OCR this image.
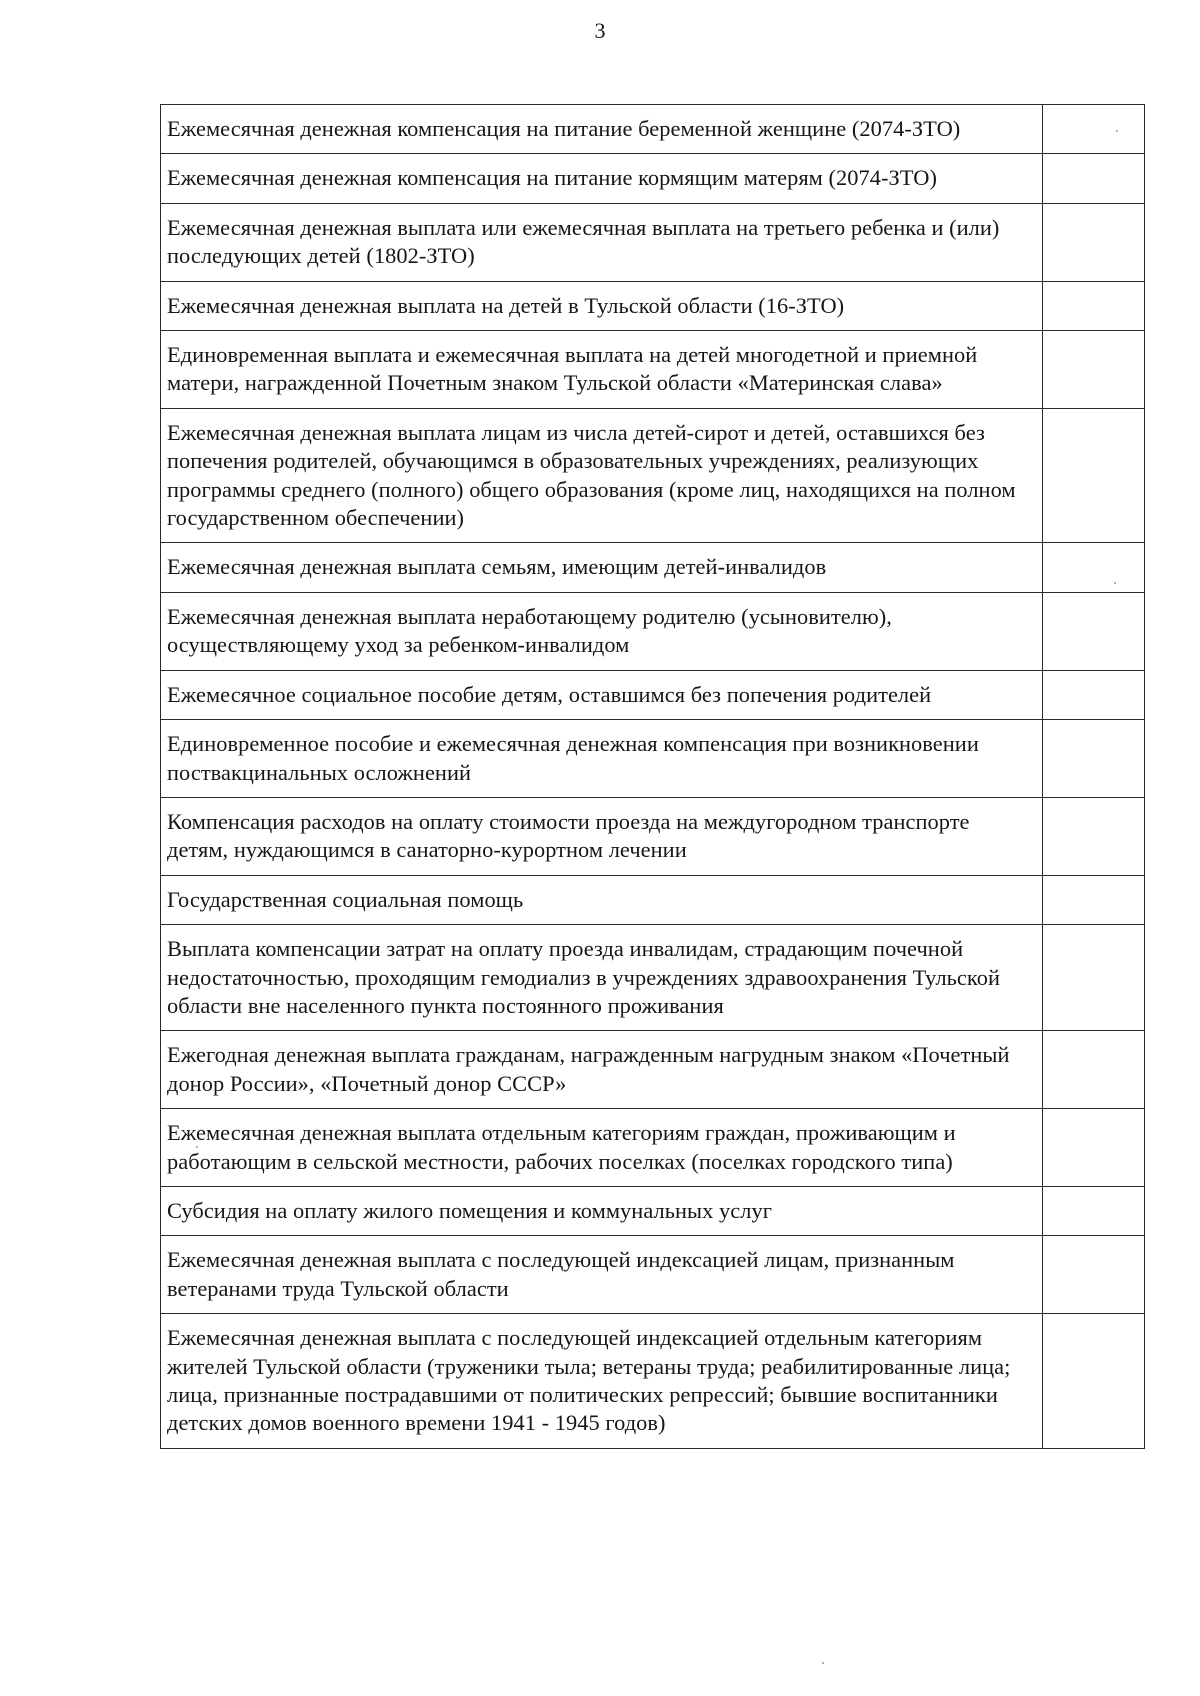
3
Ежемесячная денежная компенсация на питание беременной женщине (2074-ЗТО)	
Ежемесячная денежная компенсация на питание кормящим матерям (2074-ЗТО)	
Ежемесячная денежная выплата или ежемесячная выплата на третьего ребенка и (или) последующих детей (1802-ЗТО)	
Ежемесячная денежная выплата на детей в Тульской области (16-ЗТО)	
Единовременная выплата и ежемесячная выплата на детей многодетной и приемной матери, награжденной Почетным знаком Тульской области «Материнская слава»	
Ежемесячная денежная выплата лицам из числа детей-сирот и детей, оставшихся без попечения родителей, обучающимся в образовательных учреждениях, реализующих программы среднего (полного) общего образования (кроме лиц, находящихся на полном государственном обеспечении)	
Ежемесячная денежная выплата семьям, имеющим детей-инвалидов	
Ежемесячная денежная выплата неработающему родителю (усыновителю), осуществляющему уход за ребенком-инвалидом	
Ежемесячное социальное пособие детям, оставшимся без попечения родителей	
Единовременное пособие и ежемесячная денежная компенсация при возникновении поствакцинальных осложнений	
Компенсация расходов на оплату стоимости проезда на междугородном транспорте детям, нуждающимся в санаторно-курортном лечении	
Государственная социальная помощь	
Выплата компенсации затрат на оплату проезда инвалидам, страдающим почечной недостаточностью, проходящим гемодиализ в учреждениях здравоохранения Тульской области вне населенного пункта постоянного проживания	
Ежегодная денежная выплата гражданам, награжденным нагрудным знаком «Почетный донор России», «Почетный донор СССР»	
Ежемесячная денежная выплата отдельным категориям граждан, проживающим и работающим в сельской местности, рабочих поселках (поселках городского типа)	
Субсидия на оплату жилого помещения и коммунальных услуг	
Ежемесячная денежная выплата с последующей индексацией лицам, признанным ветеранами труда Тульской области	
Ежемесячная денежная выплата с последующей индексацией отдельным категориям жителей Тульской области (труженики тыла; ветераны труда; реабилитированные лица; лица, признанные пострадавшими от политических репрессий; бывшие воспитанники детских домов военного времени 1941 - 1945 годов)	
